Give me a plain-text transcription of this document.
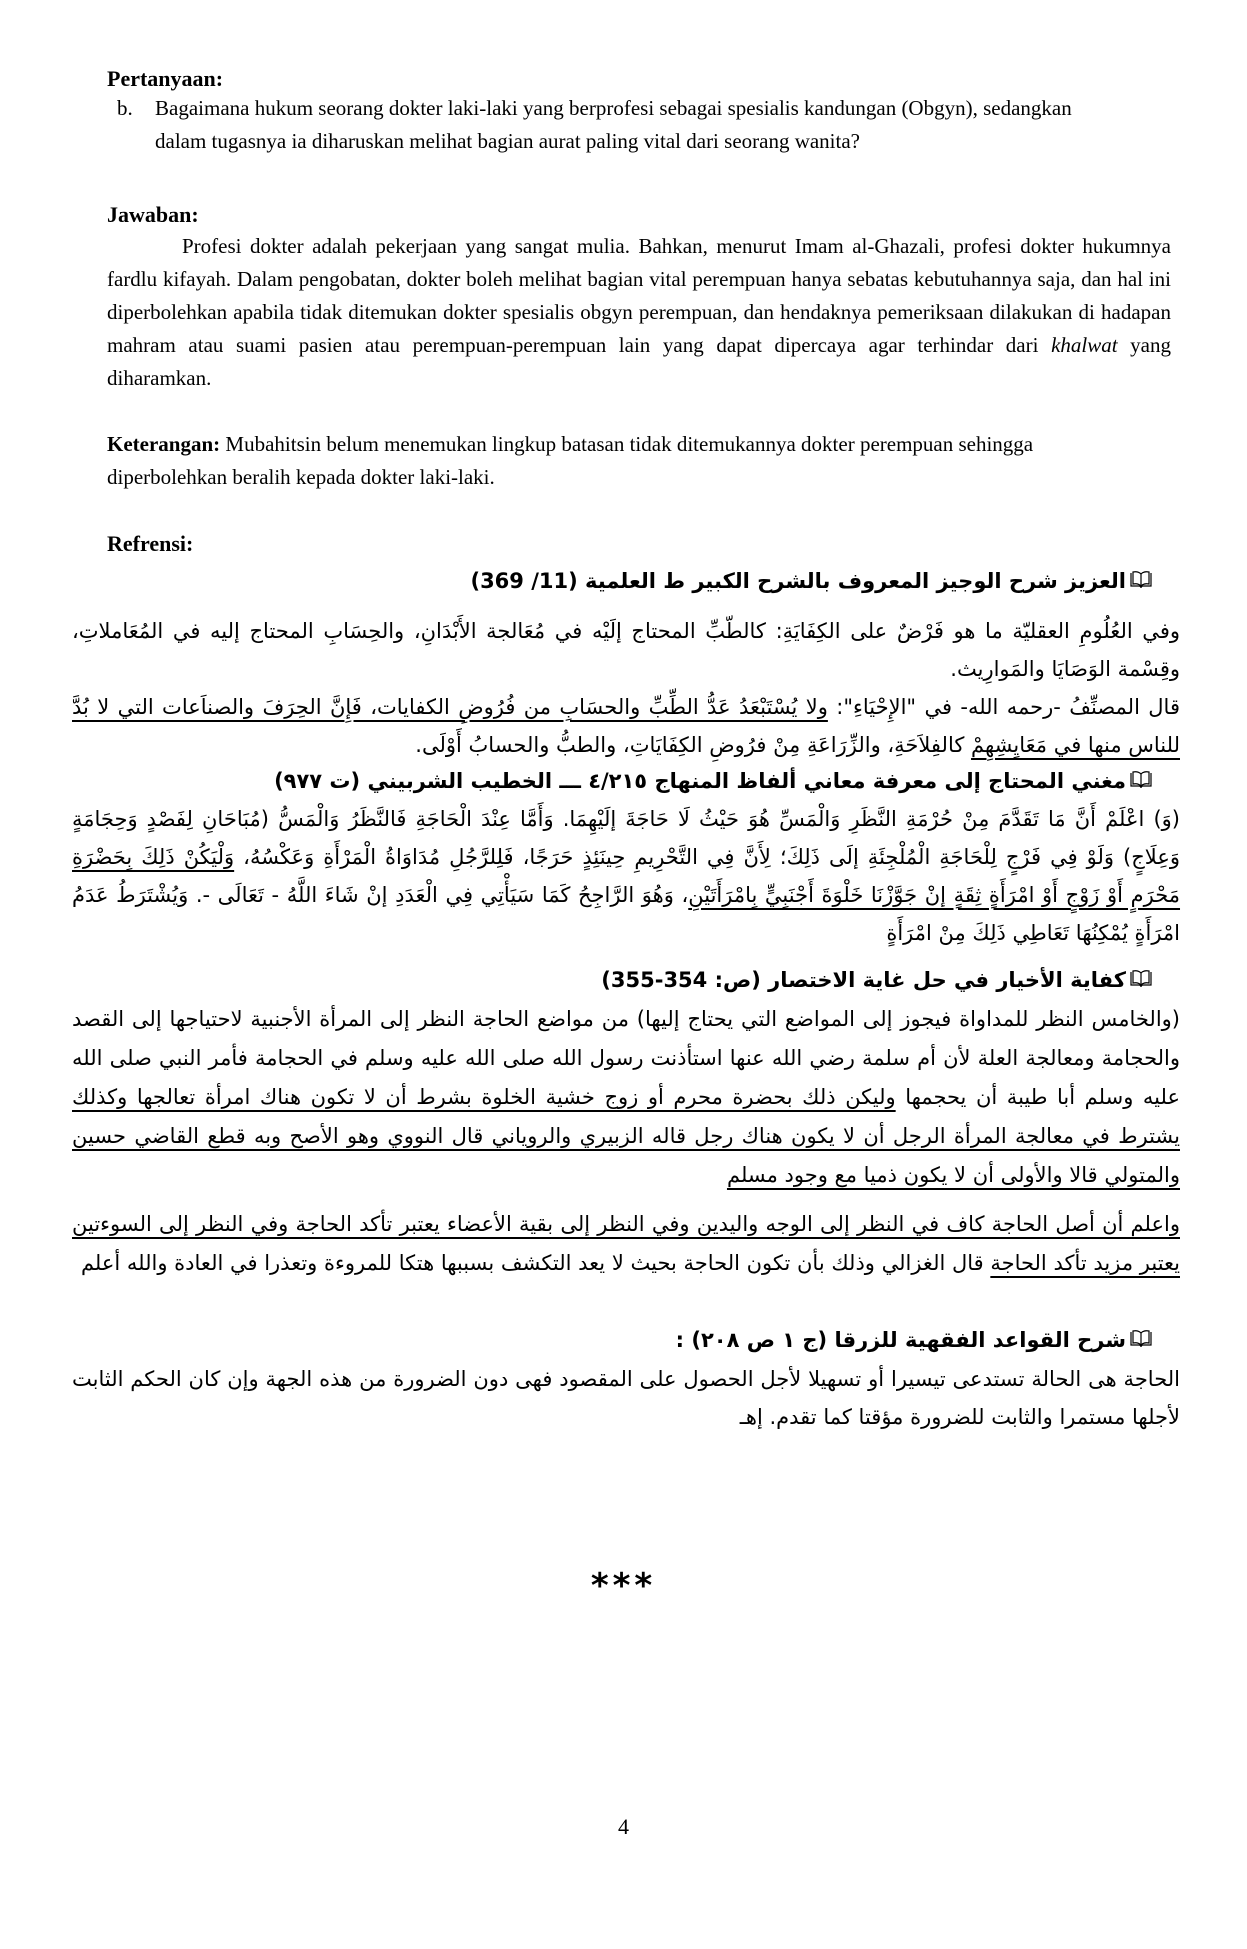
Pertanyaan:
b.	Bagaimana hukum seorang dokter laki-laki yang berprofesi sebagai spesialis kandungan (Obgyn), sedangkan dalam tugasnya ia diharuskan melihat bagian aurat paling vital dari seorang wanita?
Jawaban:
Profesi dokter adalah pekerjaan yang sangat mulia. Bahkan, menurut Imam al-Ghazali, profesi dokter hukumnya fardlu kifayah. Dalam pengobatan, dokter boleh melihat bagian vital perempuan hanya sebatas kebutuhannya saja, dan hal ini diperbolehkan apabila tidak ditemukan dokter spesialis obgyn perempuan, dan hendaknya pemeriksaan dilakukan di hadapan mahram atau suami pasien atau perempuan-perempuan lain yang dapat dipercaya agar terhindar dari khalwat yang diharamkan.
Keterangan: Mubahitsin belum menemukan lingkup batasan tidak ditemukannya dokter perempuan sehingga diperbolehkan beralih kepada dokter laki-laki.
Refrensi:
العزيز شرح الوجيز المعروف بالشرح الكبير ط العلمية (11/ 369)
وفي العُلُومِ العقليّة ما هو فَرْضٌ على الكِفَايَةِ: كالطّبِّ المحتاج إلَيْه في مُعَالجة الأَبْدَانِ، والحِسَابِ المحتاج إليه في المُعَاملاتِ، وقِسْمة الوَصَايَا والمَوارِيث.
قال المصنِّفُ -رحمه الله- في "الإِحْيَاءِ": ولا يُسْتَبْعَدُ عَدُّ الطِّبِّ والحسَابِ من فُرُوضِ الكفايات، فَإِنَّ الحِرَفَ والصناَعات التي لا بُدَّ للناس منها في مَعَايِشِهِمْ كالفِلاَحَةِ، والزِّرَاعَةِ مِنْ فرُوضِ الكِفَايَاتِ، والطبُّ والحسابُ أَوْلَى.
مغني المحتاج إلى معرفة معاني ألفاظ المنهاج ٤/٢١٥ ـــ الخطيب الشربيني (ت ٩٧٧)
(وَ) اعْلَمْ أَنَّ مَا تَقَدَّمَ مِنْ حُرْمَةِ النَّظَرِ وَالْمَسِّ هُوَ حَيْثُ لَا حَاجَةَ إلَيْهِمَا. وَأَمَّا عِنْدَ الْحَاجَةِ فَالنَّظَرُ وَالْمَسُّ (مُبَاحَانِ لِفَصْدٍ وَحِجَامَةٍ وَعِلَاجٍ) وَلَوْ فِي فَرْجٍ لِلْحَاجَةِ الْمُلْجِئَةِ إلَى ذَلِكَ؛ لِأَنَّ فِي التَّحْرِيمِ حِينَئِذٍ حَرَجًا، فَلِلرَّجُلِ مُدَاوَاةُ الْمَرْأَةِ وَعَكْسُهُ، وَلْيَكُنْ ذَلِكَ بِحَضْرَةِ مَحْرَمٍ أَوْ زَوْجٍ أَوْ امْرَأَةٍ ثِقَةٍ إنْ جَوَّزْنَا خَلْوَةَ أَجْنَبِيٍّ بِامْرَأَتَيْنِ، وَهُوَ الرَّاجِحُ كَمَا سَيَأْتِي فِي الْعَدَدِ إنْ شَاءَ اللَّهُ - تَعَالَى -. وَيُشْتَرَطُ عَدَمُ امْرَأَةٍ يُمْكِنُهَا تَعَاطِي ذَلِكَ مِنْ امْرَأَةٍ
كفاية الأخيار في حل غاية الاختصار (ص: 354-355)
(والخامس النظر للمداواة فيجوز إلى المواضع التي يحتاج إليها) من مواضع الحاجة النظر إلى المرأة الأجنبية لاحتياجها إلى القصد والحجامة ومعالجة العلة لأن أم سلمة رضي الله عنها استأذنت رسول الله صلى الله عليه وسلم في الحجامة فأمر النبي صلى الله عليه وسلم أبا طيبة أن يحجمها وليكن ذلك بحضرة محرم أو زوج خشية الخلوة بشرط أن لا تكون هناك امرأة تعالجها وكذلك يشترط في معالجة المرأة الرجل أن لا يكون هناك رجل قاله الزبيري والروياني قال النووي وهو الأصح وبه قطع القاضي حسين والمتولي قالا والأولى أن لا يكون ذميا مع وجود مسلم
واعلم أن أصل الحاجة كاف في النظر إلى الوجه واليدين وفي النظر إلى بقية الأعضاء يعتبر تأكد الحاجة وفي النظر إلى السوءتين يعتبر مزيد تأكد الحاجة قال الغزالي وذلك بأن تكون الحاجة بحيث لا يعد التكشف بسببها هتكا للمروءة وتعذرا في العادة والله أعلم
شرح القواعد الفقهية للزرقا (ج ١ ص ٢٠٨) :
الحاجة هى الحالة تستدعى تيسيرا أو تسهيلا لأجل الحصول على المقصود فهى دون الضرورة من هذه الجهة وإن كان الحكم الثابت لأجلها مستمرا والثابت للضرورة مؤقتا كما تقدم. إهـ
***
4
